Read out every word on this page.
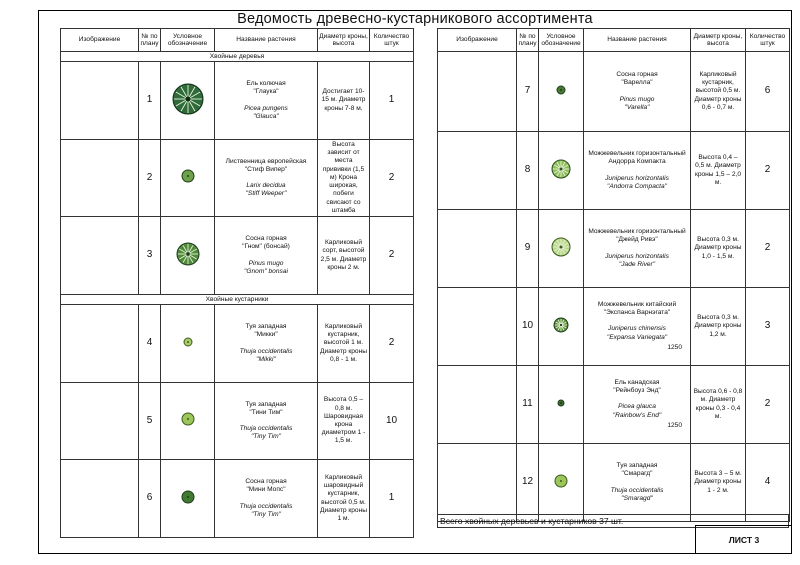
Ведомость древесно-кустарникового ассортимента
Изображение	№ по плану	Условное обозначение	Название растения	Диаметр кроны, высота	Количество штук
Хвойные деревья					

	1		Ель колючая
"Глаука"
Picea pungens
"Glauca"	Достигает 10-15 м. Диаметр кроны 7-8 м.	1

	2		Лиственница европейская
"Стиф Випер"
Larix decidua
"Stiff Weeper"	Высота зависит от места прививки (1,5 м) Крона широкая, побеги свисают со штамба	2

	3		Сосна горная
"Гном" (бонсай)
Pinus mugo
"Gnom" bonsai	Карликовый сорт, высотой 2,5 м. Диаметр кроны 2 м.	2
Хвойные кустарники					

	4		Туя западная
"Микки"
Thuja occidentalis
"Mikki"	Карликовый кустарник, высотой 1 м. Диаметр кроны 0,8 - 1 м.	2

	5		Туя западная
"Тини Тим"
Thuja occidentalis
"Tiny Tim"	Высота 0,5 – 0,8 м. Шаровидная крона диаметром 1 - 1,5 м.	10

	6		Сосна горная
"Мини Мопс"
Thuja occidentalis
"Tiny Tim"	Карликовый шаровидный кустарник, высотой 0,5 м. Диаметр кроны 1 м.	1
Изображение	№ по плану	Условное обозначение	Название растения	Диаметр кроны, высота	Количество штук

	7		Сосна горная
"Варелла"
Pinus mugo
"Varella"	Карликовый кустарник, высотой 0,5 м. Диаметр кроны 0,6 - 0,7 м.	6

	8		Можжевельник горизонтальный
Андорра Компакта
Juniperus horizontalis
"Andorra Compacta"	Высота 0,4 – 0,5 м. Диаметр кроны 1,5 – 2,0 м.	2

	9		Можжевельник горизонтальный
"Джейд Ривэ"
Juniperus horizontalis
"Jade River"	Высота 0,3 м. Диаметр кроны 1,0 - 1,5 м.	2

	10		Можжевельник китайский
"Экспанса Варнэгата"
Juniperus chinensis
"Expansa Variegata"
1250	Высота 0,3 м. Диаметр кроны 1,2 м.	3

	11		Ель канадская
"Рейнбоуз Энд"
Picea glauca
"Rainbow's End"
1250	Высота 0,6 - 0,8 м. Диаметр кроны 0,3 - 0,4 м.	2

	12		Туя западная
"Смарагд"
Thuja occidentalis
"Smaragd"	Высота 3 – 5 м. Диаметр кроны 1 - 2 м.	4
Всего хвойных деревьев и кустарников 37 шт.
ЛИСТ 3
